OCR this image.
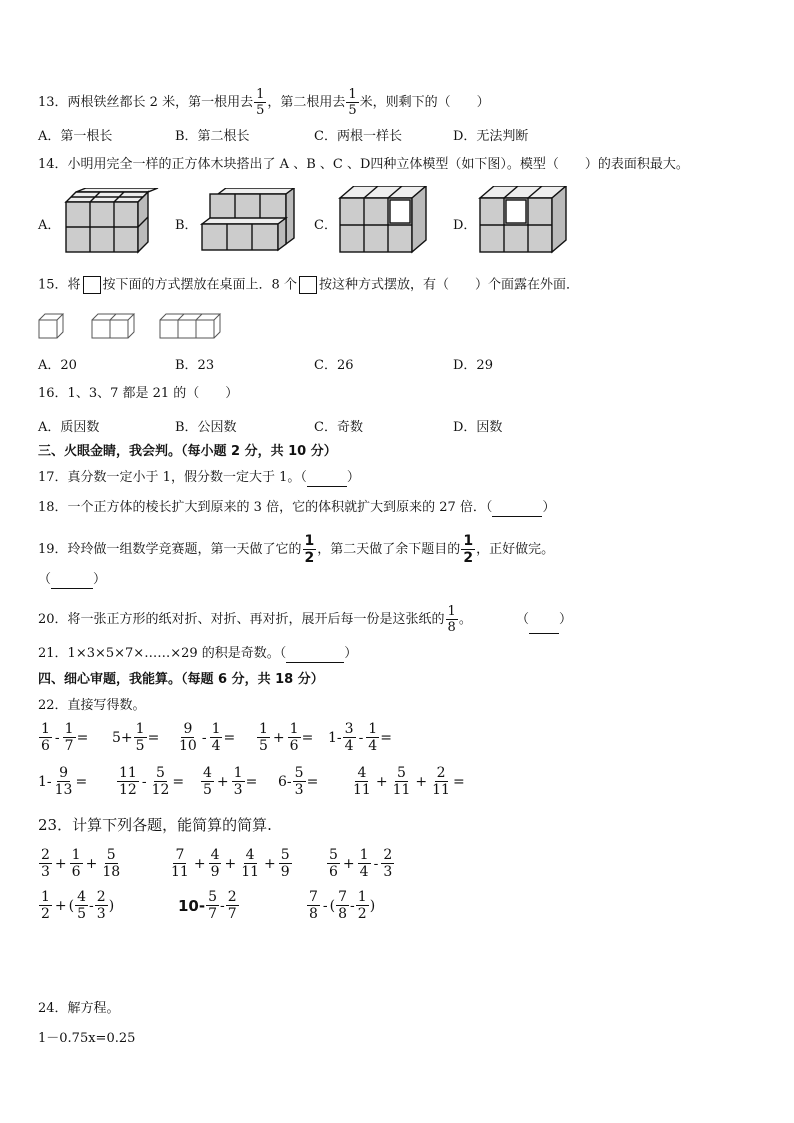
13．两根铁丝都长 2 米，第一根用去 $\frac{1}{5}$ ，第二根用去 $\frac{1}{5}$ 米，则剩下的（　　）
A．第一根长	B．第二根长	C．两根一样长	D．无法判断
14．小明用完全一样的正方体木块搭出了 A 、B 、C 、D四种立体模型（如下图）。模型（　　）的表面积最大。
A．	B．	C．	D．
15．将 按下面的方式摆放在桌面上．8 个 按这种方式摆放，有（　　）个面露在外面．
A．20	B．23	C．26	D．29
16．1、3、7 都是 21 的（　　）
A．质因数	B．公因数	C．奇数	D．因数
三、火眼金睛，我会判。（每小题 2 分，共 10 分）
17．真分数一定小于 1，假分数一定大于 1。（	）
18．一个正方体的棱长扩大到原来的 3 倍，它的体积就扩大到原来的 27 倍．（	）
19．玲玲做一组数学竞赛题，第一天做了它的 $\frac{1}{2}$ ，第二天做了余下题目的 $\frac{1}{2}$ ，正好做完。
（	）
20．将一张正方形的纸对折、对折、再对折，展开后每一份是这张纸的 $\frac{1}{8}$ 。	（ ）
21．1×3×5×7×……×29 的积是奇数。（	）
四、细心审题，我能算。（每题 6 分，共 18 分）
22．直接写得数。
$\frac{1}{6} - \frac{1}{7} = 5+ \frac{1}{5} = \frac{9}{10} - \frac{1}{4} = \frac{1}{5} + \frac{1}{6} = 1- \frac{3}{4} - \frac{1}{4}$ =
$1- \frac{9}{13} = \frac{11}{12} - \frac{5}{12} = \frac{4}{5} + \frac{1}{3} = 6- \frac{5}{3} = \frac{4}{11} + \frac{5}{11} + \frac{2}{11}$ =
23．计算下列各题，能简算的简算.
$\frac{2}{3} + \frac{1}{6} + \frac{5}{18}$	$\frac{7}{11} + \frac{4}{9} + \frac{4}{11} + \frac{5}{9}$	$\frac{5}{6} + \frac{1}{4} - \frac{2}{3}$
$\frac{1}{2}$ + ( $\frac{4}{5} - \frac{2}{3}$ )	$10- \frac{5}{7} - \frac{2}{7}$	$\frac{7}{8}$ - ( $\frac{7}{8} - \frac{1}{2}$ )
24．解方程。
1－0.75x=0.25
